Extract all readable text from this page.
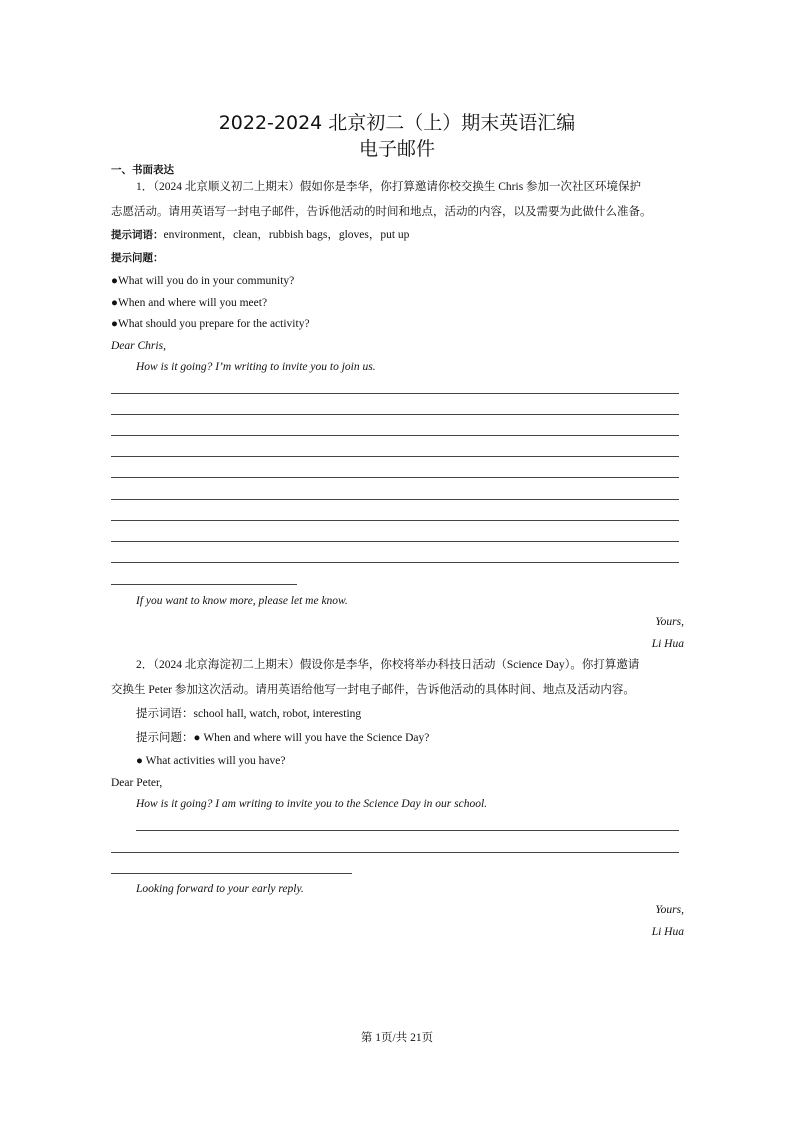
2022-2024 北京初二（上）期末英语汇编
电子邮件
一、书面表达
1．（2024 北京顺义初二上期末）假如你是李华，你打算邀请你校交换生 Chris 参加一次社区环境保护
志愿活动。请用英语写一封电子邮件，告诉他活动的时间和地点，活动的内容，以及需要为此做什么准备。
提示词语：environment，clean，rubbish bags，gloves，put up
提示问题：
●What will you do in your community?
●When and where will you meet?
●What should you prepare for the activity?
Dear Chris,
How is it going? I’m writing to invite you to join us.
If you want to know more, please let me know.
Yours,
Li Hua
2．（2024 北京海淀初二上期末）假设你是李华，你校将举办科技日活动（Science Day）。你打算邀请
交换生 Peter 参加这次活动。请用英语给他写一封电子邮件，告诉他活动的具体时间、地点及活动内容。
提示词语：school hall, watch, robot, interesting
提示问题：● When and where will you have the Science Day?
● What activities will you have?
Dear Peter,
How is it going? I am writing to invite you to the Science Day in our school.
Looking forward to your early reply.
Yours,
Li Hua
第 1页/共 21页
